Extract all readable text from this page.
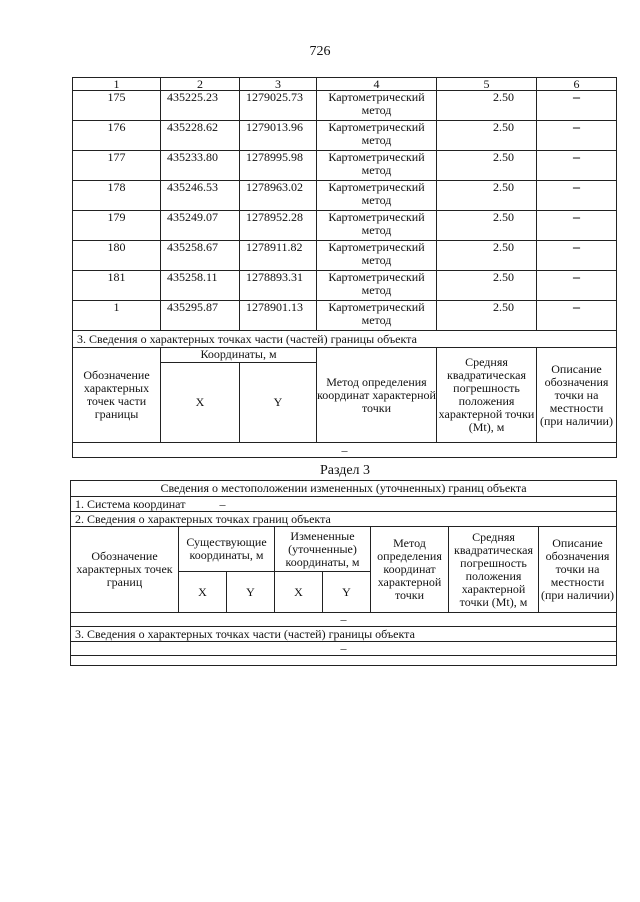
726
1	2	3	4	5	6
175	435225.23	1279025.73	Картометрический метод	2.50	–
176	435228.62	1279013.96	Картометрический метод	2.50	–
177	435233.80	1278995.98	Картометрический метод	2.50	–
178	435246.53	1278963.02	Картометрический метод	2.50	–
179	435249.07	1278952.28	Картометрический метод	2.50	–
180	435258.67	1278911.82	Картометрический метод	2.50	–
181	435258.11	1278893.31	Картометрический метод	2.50	–
1	435295.87	1278901.13	Картометрический метод	2.50	–
3. Сведения о характерных точках части (частей) границы объекта					
Обозначение характерных точек части границы	Координаты, м		Метод определения координат характерной точки	Средняя квадратическая погрешность положения характерной точки (Mt), м	Описание обозначения точки на местности (при наличии)
	X	Y			
–					
Раздел 3
Сведения о местоположении измененных (уточненных) границ объекта							
1. Система координат –							
2. Сведения о характерных точках границ объекта							
Обозначение характерных точек границ	Существующие координаты, м		Измененные (уточненные) координаты, м		Метод определения координат характерной точки	Средняя квадратическая погрешность положения характерной точки (Mt), м	Описание обозначения точки на местности (при наличии)
	X	Y	X	Y			
–							
3. Сведения о характерных точках части (частей) границы объекта							
–							
